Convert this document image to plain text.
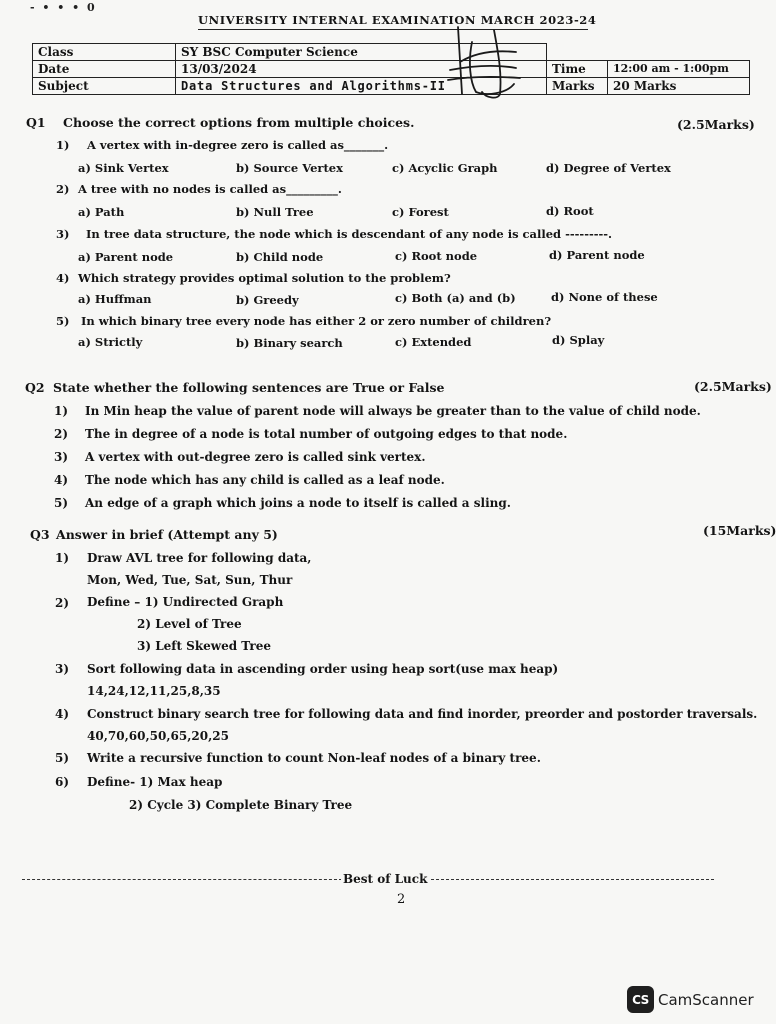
- • • • 0
UNIVERSITY INTERNAL EXAMINATION MARCH 2023-24
Class	SY BSC Computer Science		
Date	13/03/2024	Time	12:00 am - 1:00pm
Subject	Data Structures and Algorithms-II	Marks	20 Marks
Q1 Choose the correct options from multiple choices.	(2.5Marks)
1) A vertex with in-degree zero is called as_______.
a) Sink Vertex	b) Source Vertex	c) Acyclic Graph	d) Degree of Vertex
2) A tree with no nodes is called as_________.
a) Path	b) Null Tree	c) Forest	d) Root
3) In tree data structure, the node which is descendant of any node is called ---------.
a) Parent node	b) Child node	c) Root node	d) Parent node
4) Which strategy provides optimal solution to the problem?
a) Huffman	b) Greedy	c) Both (a) and (b)	d) None of these
5) In which binary tree every node has either 2 or zero number of children?
a) Strictly	b) Binary search	c) Extended	d) Splay
Q2 State whether the following sentences are True or False	(2.5Marks)
1) In Min heap the value of parent node will always be greater than to the value of child node.
2) The in degree of a node is total number of outgoing edges to that node.
3) A vertex with out-degree zero is called sink vertex.
4) The node which has any child is called as a leaf node.
5) An edge of a graph which joins a node to itself is called a sling.
Q3 Answer in brief (Attempt any 5)	(15Marks)
1) Draw AVL tree for following data,
Mon, Wed, Tue, Sat, Sun, Thur
2) Define – 1) Undirected Graph
2) Level of Tree
3) Left Skewed Tree
3) Sort following data in ascending order using heap sort(use max heap)
14,24,12,11,25,8,35
4) Construct binary search tree for following data and find inorder, preorder and postorder traversals.
40,70,60,50,65,20,25
5) Write a recursive function to count Non-leaf nodes of a binary tree.
6) Define- 1) Max heap
2) Cycle 3) Complete Binary Tree
Best of Luck
2
CS CamScanner
